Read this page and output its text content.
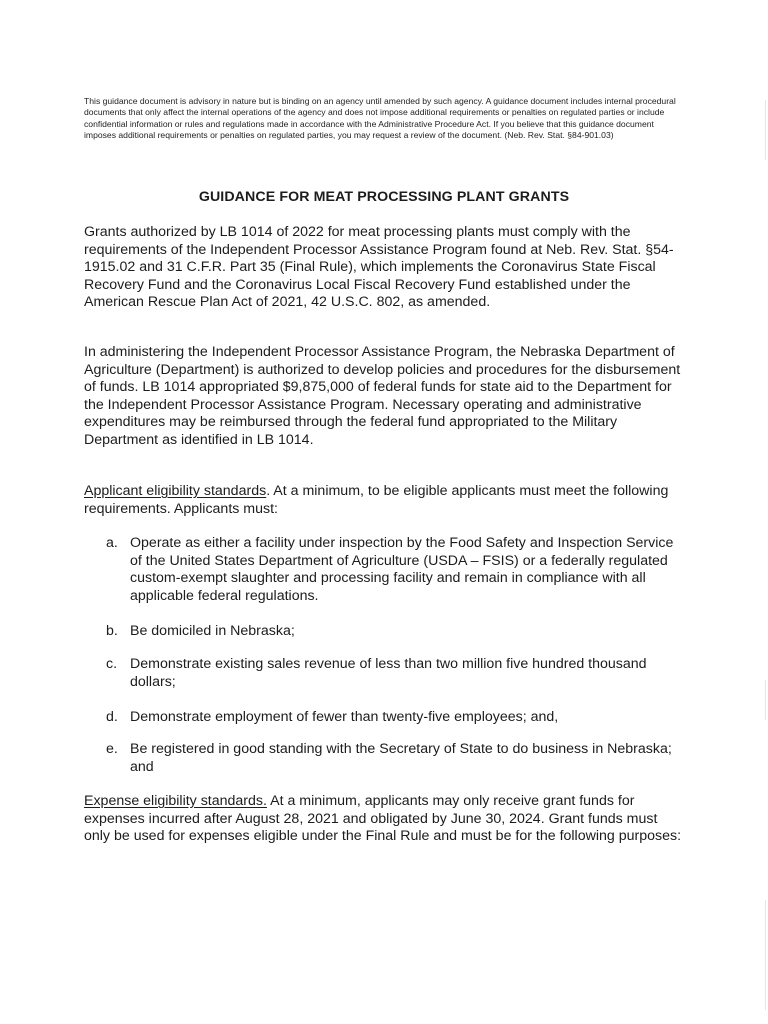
This guidance document is advisory in nature but is binding on an agency until amended by such agency. A guidance document includes internal procedural documents that only affect the internal operations of the agency and does not impose additional requirements or penalties on regulated parties or include confidential information or rules and regulations made in accordance with the Administrative Procedure Act. If you believe that this guidance document imposes additional requirements or penalties on regulated parties, you may request a review of the document. (Neb. Rev. Stat. §84-901.03)
GUIDANCE FOR MEAT PROCESSING PLANT GRANTS
Grants authorized by LB 1014 of 2022 for meat processing plants must comply with the requirements of the Independent Processor Assistance Program found at Neb. Rev. Stat. §54-1915.02 and 31 C.F.R. Part 35 (Final Rule), which implements the Coronavirus State Fiscal Recovery Fund and the Coronavirus Local Fiscal Recovery Fund established under the American Rescue Plan Act of 2021, 42 U.S.C. 802, as amended.
In administering the Independent Processor Assistance Program, the Nebraska Department of Agriculture (Department) is authorized to develop policies and procedures for the disbursement of funds. LB 1014 appropriated $9,875,000 of federal funds for state aid to the Department for the Independent Processor Assistance Program. Necessary operating and administrative expenditures may be reimbursed through the federal fund appropriated to the Military Department as identified in LB 1014.
Applicant eligibility standards. At a minimum, to be eligible applicants must meet the following requirements. Applicants must:
a. Operate as either a facility under inspection by the Food Safety and Inspection Service of the United States Department of Agriculture (USDA – FSIS) or a federally regulated custom-exempt slaughter and processing facility and remain in compliance with all applicable federal regulations.
b. Be domiciled in Nebraska;
c. Demonstrate existing sales revenue of less than two million five hundred thousand dollars;
d. Demonstrate employment of fewer than twenty-five employees; and,
e. Be registered in good standing with the Secretary of State to do business in Nebraska; and
Expense eligibility standards. At a minimum, applicants may only receive grant funds for expenses incurred after August 28, 2021 and obligated by June 30, 2024. Grant funds must only be used for expenses eligible under the Final Rule and must be for the following purposes:
